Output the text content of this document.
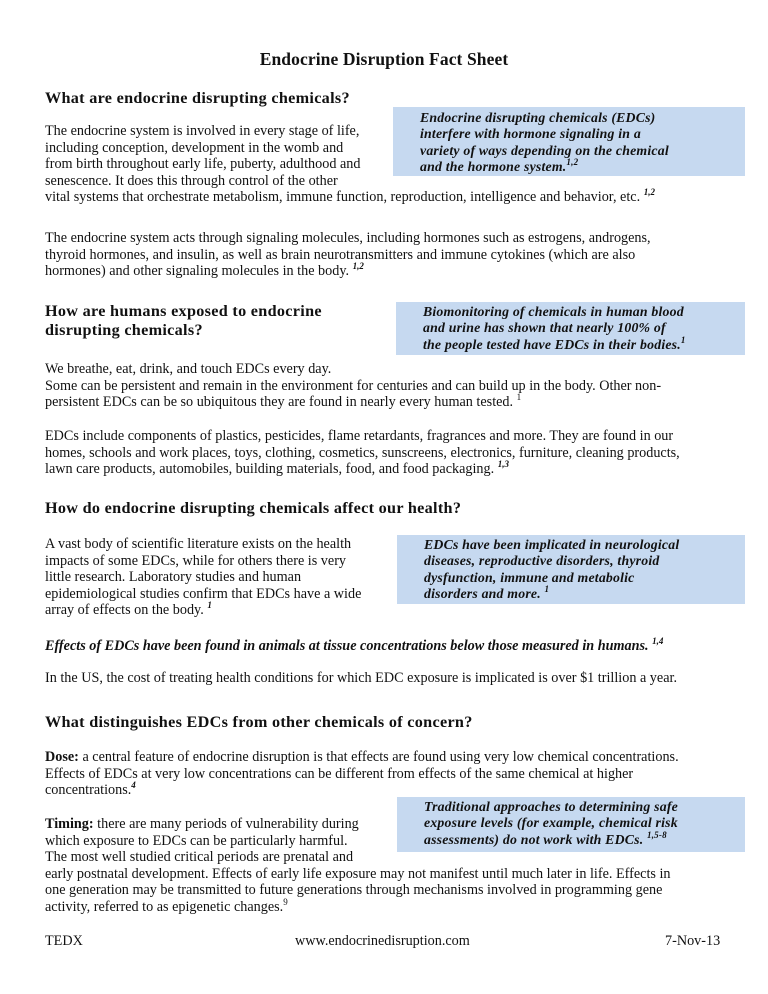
Endocrine Disruption Fact Sheet
What are endocrine disrupting chemicals?
Endocrine disrupting chemicals (EDCs)
interfere with hormone signaling in a
variety of ways depending on the chemical
and the hormone system.$^{1,2}$
The endocrine system is involved in every stage of life,
including conception, development in the womb and
from birth throughout early life, puberty, adulthood and
senescence. It does this through control of the other
vital systems that orchestrate metabolism, immune function, reproduction, intelligence and behavior, etc. $^{1,2}$
The endocrine system acts through signaling molecules, including hormones such as estrogens, androgens,
thyroid hormones, and insulin, as well as brain neurotransmitters and immune cytokines (which are also
hormones) and other signaling molecules in the body. $^{1,2}$
How are humans exposed to endocrine
disrupting chemicals?
Biomonitoring of chemicals in human blood
and urine has shown that nearly 100% of
the people tested have EDCs in their bodies.$^1$
We breathe, eat, drink, and touch EDCs every day.
Some can be persistent and remain in the environment for centuries and can build up in the body. Other non-
persistent EDCs can be so ubiquitous they are found in nearly every human tested. $^1$
EDCs include components of plastics, pesticides, flame retardants, fragrances and more. They are found in our
homes, schools and work places, toys, clothing, cosmetics, sunscreens, electronics, furniture, cleaning products,
lawn care products, automobiles, building materials, food, and food packaging. $^{1,3}$
How do endocrine disrupting chemicals affect our health?
EDCs have been implicated in neurological
diseases, reproductive disorders, thyroid
dysfunction, immune and metabolic
disorders and more. $^1$
A vast body of scientific literature exists on the health
impacts of some EDCs, while for others there is very
little research. Laboratory studies and human
epidemiological studies confirm that EDCs have a wide
array of effects on the body. $^1$
Effects of EDCs have been found in animals at tissue concentrations below those measured in humans. $^{1,4}$
In the US, the cost of treating health conditions for which EDC exposure is implicated is over $1 trillion a year.
What distinguishes EDCs from other chemicals of concern?
Dose: a central feature of endocrine disruption is that effects are found using very low chemical concentrations.
Effects of EDCs at very low concentrations can be different from effects of the same chemical at higher
concentrations.$^4$
Traditional approaches to determining safe
exposure levels (for example, chemical risk
assessments) do not work with EDCs. $^{1,5-8}$
Timing: there are many periods of vulnerability during
which exposure to EDCs can be particularly harmful.
The most well studied critical periods are prenatal and
early postnatal development. Effects of early life exposure may not manifest until much later in life. Effects in
one generation may be transmitted to future generations through mechanisms involved in programming gene
activity, referred to as epigenetic changes.$^9$
TEDX	www.endocrinedisruption.com	7-Nov-13
